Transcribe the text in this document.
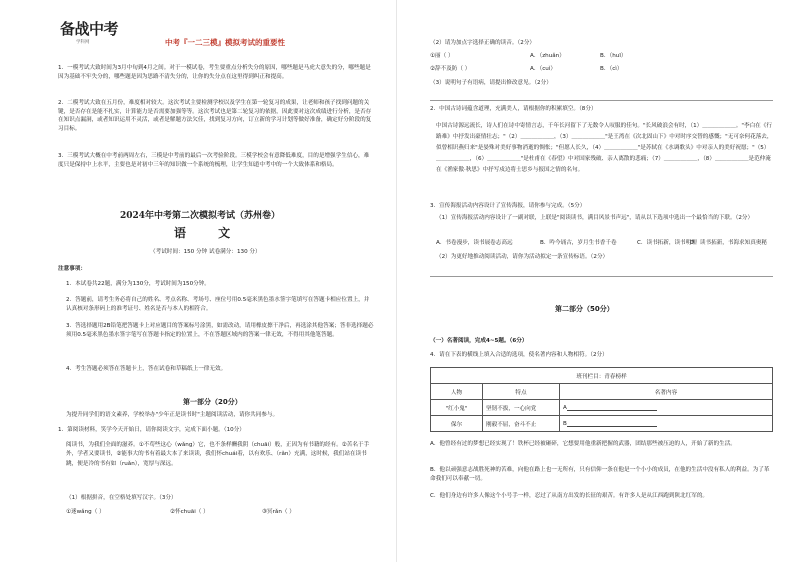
备战中考
学科网	中考『一二三模』模拟考试的重要性
1．一模考试大致时间为3月中旬到4月之间。对于一模试卷，考生要重点分析失分的原因，哪些题是马虎大意失的分，哪些题是因为基础不牢失分的，哪些题是因为思路不清失分的，让你的失分点在这里得到纠正和提高。
2．二模考试大致在五月份，难度相对较大。这次考试主要检测学校以及学生在第一轮复习的成果，让老师和孩子找到问题的关键，是否存在是能不扎实，计算能力是否需要加强等等。这次考试也是第二轮复习的依据，因此要对这次成绩进行分析，是否存在知识点漏洞，或者知识运用不灵活，或者是解题方法欠佳，找到复习方向，订立新的学习计划等做好准备，确定好分阶段的复习目标。
3．三模考试大概在中考前两周左右，三模是中考前的最后一次考验阶段。三模学校会有意降低难度，目的是增强学生信心，难度只是保持中上水平，主要也是对初中三年的知识做一个系统的梳理，让学生知道中考中的一个大致体系和格局。
2024年中考第二次模拟考试（苏州卷）
语 文
（考试时间：150 分钟 试卷满分：130 分）
注意事项：
1．本试卷共22题，满分为130分，考试时间为150分钟。
2．答题前，请考生务必将自己的姓名、考点名称、考场号、座位号用0.5毫米黑色墨水签字笔填写在答题卡相应位置上，并认真核对条形码上的准考证号、姓名是否与本人的相符合。
3．答选择题用2B铅笔把答题卡上对应题目的答案标号涂黑，如需改动，请用橡皮擦干净后，再选涂其他答案；答非选择题必须用0.5毫米黑色墨水签字笔写在答题卡指定的位置上，不在答题区域内的答案一律无效，不得用其他笔答题。
4．考生答题必须答在答题卡上，答在试卷和草稿纸上一律无效。
第一部分（20分）
为提升同学们的语文素养，学校举办"少年正是读书时"主题阅读活动，请你共同参与。
1．第阅读材料，笑学今天开始日，请你阅读文字，完成下面小题。（10分）
阅读书，为我们全面的滋养。①不苟些这心（wǎng）它，也不条样酬我阴（chuāi）般，正因为有书籍的经有。②苦名于手外，学者又要读书，②能事大的书有着最大本了来读读，我们怀chuái着，以有欢乐、（rǎn）充满，这时候，我们站在读书跳，便是冷的书有如（ruǎn），宽厚与深远。
（1）根据拼音，在空格处填写汉字。（3分）
①迷wǎng（ ）	②怀chuāi（ ）	③冥rǎn（ ）
（2）请为加点字选择正确的读音。（2分）
①丽（ ）	A．（zhuǎn）	B．（huī）
②辞不及防（ ）	A．（cuì）	B．（cì）
（3）说明句子有语病，请提出修改意见。（2分）
2．中国古诗词蕴含道理，充满美人，请根据你的积累填空。（8分）
中国古诗源远流长，诗人们在诗中寄情言志，千年长河留下了无数令人叹服的佳句。"长风破浪会有时，（1）＿＿＿＿＿＿。"李白在《行路难》中抒发出豪情壮志；"（2）＿＿＿＿＿＿，（3）＿＿＿＿＿＿"是王湾在《次北固山下》中对时序交替的感慨；"无可奈何花落去，似曾相识燕归来"是晏殊对美好事物消逝的惆怅；"但愿人长久，（4）＿＿＿＿＿＿"是苏轼在《水调歌头》中对亲人的美好祝愿；"（5）＿＿＿＿＿＿，（6）＿＿＿＿＿＿"是杜甫在《春望》中对国家残破、亲人离散的悲痛；（7）＿＿＿＿＿＿，（8）＿＿＿＿＿＿是范仲淹在《渔家傲·秋思》中抒写戍边将士思乡与报国之情的名句。
3．宣传海报活动内容设计了宣传海报，请你参与完成。（5分）
（1）宣传海报活动内容设计了一副对联，上联是"阅读读书，满目风景书声远"，请从以下选项中选出一个最恰当的下联。（2分）
A．书卷漫步，读书展卷志高远	B．吟今诵古，岁月生书香千卷	C．读书拓新，读书明理
D．读书拓新，书海求知真奥秘
（2）为更好地推动阅读活动，请你为活动拟定一条宣传标语。（2分）
第二部分（50分）
（一）名著阅读，完成4~5题。（6分）
4．请在下表的横线上填入合适的选项，使名著内容和人物相符。（2分）
班刊栏目：青春榜样		
人物	特点	名著内容
"红小鬼"	坚韧不拔，一心向党	A
保尔	刚毅不屈，奋斗不止	B
A．他曾经有过的梦想已经实现了！铁杯已经被砸碎，它想要用他重新把握的武器，团结那些被压迫的人，开始了新的生活。
B．他以顽强意志战胜死神的苦难，向他在路上也一无所有，只有信仰一条在他是一个小小的成员，在他的生活中没有私人的利益。为了革命我们可以奉献一切。
C．他们身边有许多人像这个小号手一样，忍过了从南方出发的长征的艰苦。有许多人是从江西跑到陕北红军的。
